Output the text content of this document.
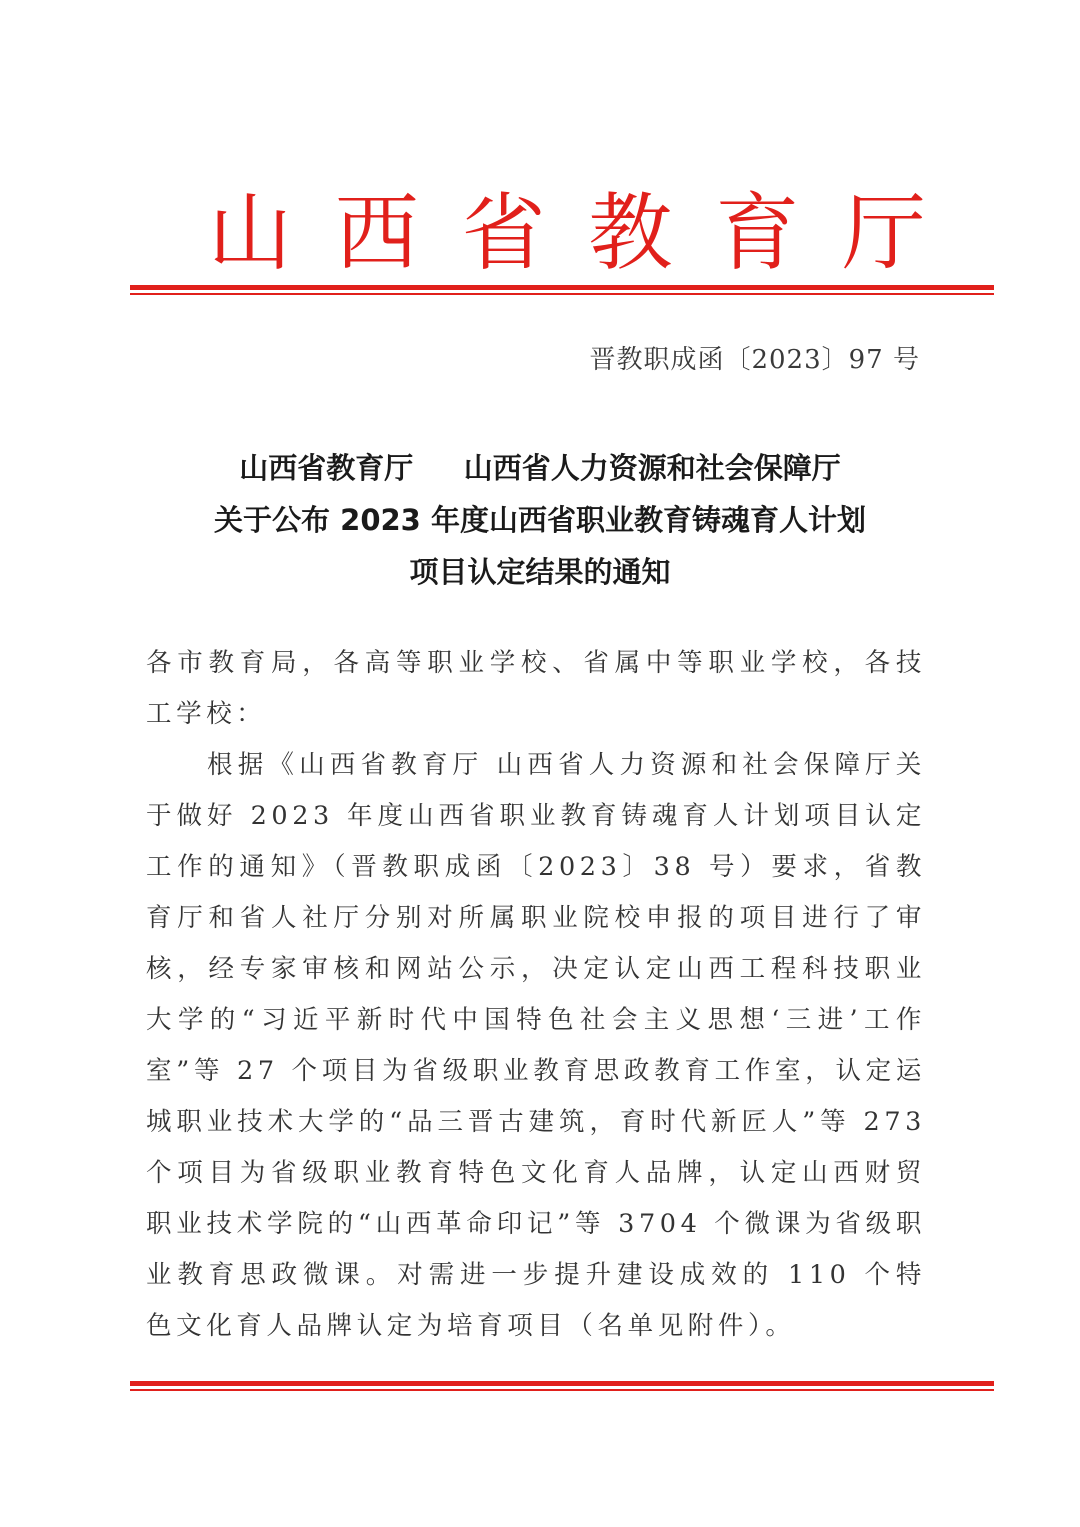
山 西 省 教 育 厅
晋教职成函〔2023〕97 号
山西省教育厅     山西省人力资源和社会保障厅
关于公布 2023 年度山西省职业教育铸魂育人计划
项目认定结果的通知

各市教育局，各高等职业学校、省属中等职业学校，各技工学校：

根据《山西省教育厅 山西省人力资源和社会保障厅关于做好 2023 年度山西省职业教育铸魂育人计划项目认定工作的通知》（晋教职成函〔2023〕38 号）要求，省教育厅和省人社厅分别对所属职业院校申报的项目进行了审核，经专家审核和网站公示，决定认定山西工程科技职业大学的“习近平新时代中国特色社会主义思想‘三进’工作室”等 27 个项目为省级职业教育思政教育工作室，认定运城职业技术大学的“品三晋古建筑，育时代新匠人”等 273 个项目为省级职业教育特色文化育人品牌，认定山西财贸职业技术学院的“山西革命印记”等 3704 个微课为省级职业教育思政微课。对需进一步提升建设成效的 110 个特色文化育人品牌认定为培育项目（名单见附件）。
